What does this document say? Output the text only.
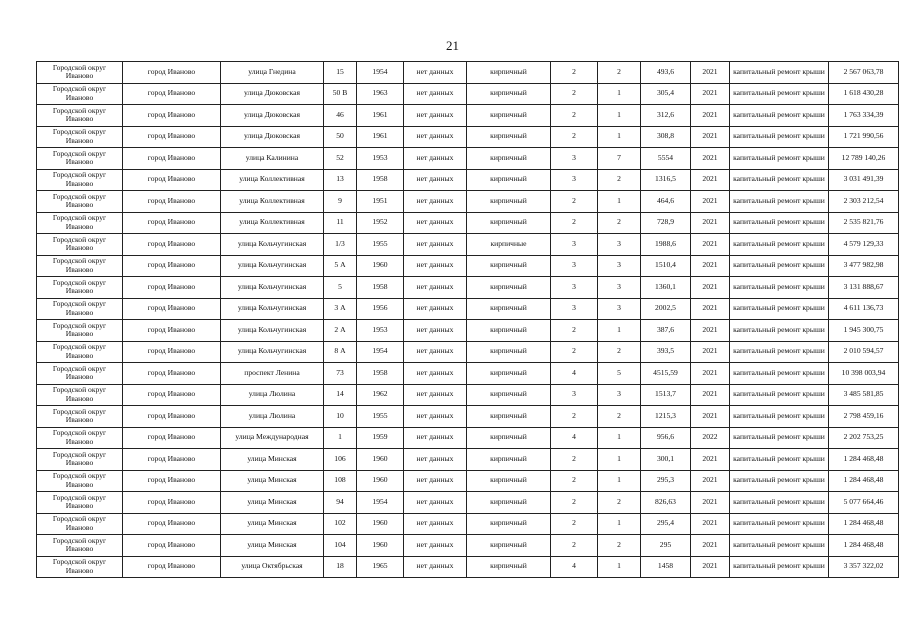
21
Городской округ Иваново	город Иваново	улица Гнедина	15	1954	нет данных	кирпичный	2	2	493,6	2021	капитальный ремонт крыши	2 567 063,78
Городской округ Иваново	город Иваново	улица Дюковская	50 В	1963	нет данных	кирпичный	2	1	305,4	2021	капитальный ремонт крыши	1 618 430,28
Городской округ Иваново	город Иваново	улица Дюковская	46	1961	нет данных	кирпичный	2	1	312,6	2021	капитальный ремонт крыши	1 763 334,39
Городской округ Иваново	город Иваново	улица Дюковская	50	1961	нет данных	кирпичный	2	1	308,8	2021	капитальный ремонт крыши	1 721 990,56
Городской округ Иваново	город Иваново	улица Калинина	52	1953	нет данных	кирпичный	3	7	5554	2021	капитальный ремонт крыши	12 789 140,26
Городской округ Иваново	город Иваново	улица Коллективная	13	1958	нет данных	кирпичный	3	2	1316,5	2021	капитальный ремонт крыши	3 031 491,39
Городской округ Иваново	город Иваново	улица Коллективная	9	1951	нет данных	кирпичный	2	1	464,6	2021	капитальный ремонт крыши	2 303 212,54
Городской округ Иваново	город Иваново	улица Коллективная	11	1952	нет данных	кирпичный	2	2	728,9	2021	капитальный ремонт крыши	2 535 821,76
Городской округ Иваново	город Иваново	улица Кольчугинская	1/3	1955	нет данных	кирпичные	3	3	1988,6	2021	капитальный ремонт крыши	4 579 129,33
Городской округ Иваново	город Иваново	улица Кольчугинская	5 А	1960	нет данных	кирпичный	3	3	1510,4	2021	капитальный ремонт крыши	3 477 982,98
Городской округ Иваново	город Иваново	улица Кольчугинская	5	1958	нет данных	кирпичный	3	3	1360,1	2021	капитальный ремонт крыши	3 131 888,67
Городской округ Иваново	город Иваново	улица Кольчугинская	3 А	1956	нет данных	кирпичный	3	3	2002,5	2021	капитальный ремонт крыши	4 611 136,73
Городской округ Иваново	город Иваново	улица Кольчугинская	2 А	1953	нет данных	кирпичный	2	1	387,6	2021	капитальный ремонт крыши	1 945 300,75
Городской округ Иваново	город Иваново	улица Кольчугинская	8 А	1954	нет данных	кирпичный	2	2	393,5	2021	капитальный ремонт крыши	2 010 594,57
Городской округ Иваново	город Иваново	проспект Ленина	73	1958	нет данных	кирпичный	4	5	4515,59	2021	капитальный ремонт крыши	10 398 003,94
Городской округ Иваново	город Иваново	улица Люлина	14	1962	нет данных	кирпичный	3	3	1513,7	2021	капитальный ремонт крыши	3 485 581,85
Городской округ Иваново	город Иваново	улица Люлина	10	1955	нет данных	кирпичный	2	2	1215,3	2021	капитальный ремонт крыши	2 798 459,16
Городской округ Иваново	город Иваново	улица Международная	1	1959	нет данных	кирпичный	4	1	956,6	2022	капитальный ремонт крыши	2 202 753,25
Городской округ Иваново	город Иваново	улица Минская	106	1960	нет данных	кирпичный	2	1	300,1	2021	капитальный ремонт крыши	1 284 468,48
Городской округ Иваново	город Иваново	улица Минская	108	1960	нет данных	кирпичный	2	1	295,3	2021	капитальный ремонт крыши	1 284 468,48
Городской округ Иваново	город Иваново	улица Минская	94	1954	нет данных	кирпичный	2	2	826,63	2021	капитальный ремонт крыши	5 077 664,46
Городской округ Иваново	город Иваново	улица Минская	102	1960	нет данных	кирпичный	2	1	295,4	2021	капитальный ремонт крыши	1 284 468,48
Городской округ Иваново	город Иваново	улица Минская	104	1960	нет данных	кирпичный	2	2	295	2021	капитальный ремонт крыши	1 284 468,48
Городской округ Иваново	город Иваново	улица Октябрьская	18	1965	нет данных	кирпичный	4	1	1458	2021	капитальный ремонт крыши	3 357 322,02
